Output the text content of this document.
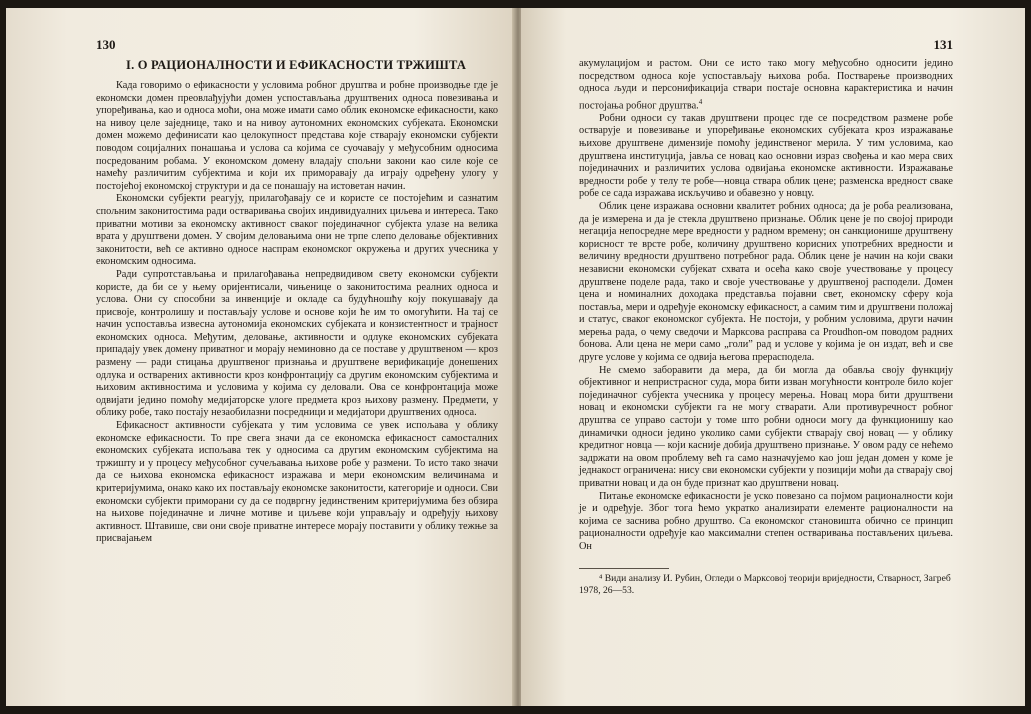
130
I. О РАЦИОНАЛНОСТИ И ЕФИКАСНОСТИ ТРЖИШТА

Када говоримо о ефикасности у условима робног друштва и робне производње где је економски домен преовлађујући домен успостављања друштвених односа повезивања и упоређивања, као и односа моћи, она може имати само облик економске ефикасности, како на нивоу целе заједнице, тако и на нивоу аутономних економских субјеката. Економски домен можемо дефинисати као целокупност представа које стварају економски субјекти поводом социјалних понашања и услова са којима се суочавају у међусобним односима посредованим робама. У економском домену владају спољни закони као силе које се намећу различитим субјектима и који их приморавају да играју одређену улогу у постојећој економској структури и да се понашају на истоветан начин.

Економски субјекти реагују, прилагођавају се и користе се постојећим и сазнатим спољним законитостима ради остваривања својих индивидуалних циљева и интереса. Тако приватни мотиви за економску активност сваког појединачног субјекта улазе на велика врата у друштвени домен. У својим деловањима они не трпе слепо деловање објективних законитости, већ се активно односе наспрам економског окружења и других учесника у економским односима.

Ради супротстављања и прилагођавања непредвидивом свету економски субјекти користе, да би се у њему оријентисали, чињенице о законитостима реалних односа и услова. Они су способни за инвенције и окладе са будућношћу коју покушавају да присвоје, контролишу и постављају услове и основе који ће им то омогућити. На тај се начин успоставља извесна аутономија економских субјеката и конзистентност и трајност економских односа. Међутим, деловање, активности и одлуке економских субјеката припадају увек домену приватног и морају неминовно да се поставе у друштвеном — кроз размену — ради стицања друштвеног признања и друштвене верификације донешених одлука и остварених активности кроз конфронтацију са другим економским субјектима и њиховим активностима и условима у којима су деловали. Ова се конфронтација може одвијати једино помоћу медијаторске улоге предмета кроз њихову размену. Предмети, у облику робе, тако постају незаобилазни посредници и медијатори друштвених односа.

Ефикасност активности субјеката у тим условима се увек испољава у облику економске ефикасности. То пре свега значи да се економска ефикасност самосталних економских субјеката испољава тек у односима са другим економским субјектима на тржишту и у процесу међусобног сучељавања њихове робе у размени. То исто тако значи да се њихова економска ефикасност изражава и мери економским величинама и критеријумима, онако како их постављају економске законитости, категорије и односи. Сви економски субјекти приморани су да се подвргну јединственим критеријумима без обзира на њихове појединачне и личне мотиве и циљеве који управљају и одређују њихову активност. Штавише, сви они своје приватне интересе морају поставити у облику тежње за присвајањем

131

акумулацијом и растом. Они се исто тако могу међусобно односити једино посредством односа које успостављају њихова роба. Постварење производних односа људи и персонификација ствари постаје основна карактеристика и начин постојања робног друштва.$^4$

Робни односи су такав друштвени процес где се посредством размене робе остварује и повезивање и упоређивање економских субјеката кроз изражавање њихове друштвене димензије помоћу јединственог мерила. У тим условима, као друштвена институција, јавља се новац као основни израз свођења и као мера свих појединачних и различитих услова одвијања економске активности. Изражавање вредности робе у телу те робе—новца ствара облик цене; разменска вредност сваке робе се сада изражава искључиво и обавезно у новцу.

Облик цене изражава основни квалитет робних односа; да је роба реализована, да је измерена и да је стекла друштвено признање. Облик цене је по својој природи негација непосредне мере вредности у радном времену; он санкционише друштвену корисност те врсте робе, количину друштвено корисних употребних вредности и величину вредности друштвено потребног рада. Облик цене је начин на који сваки независни економски субјекат схвата и осећа како своје учествовање у процесу друштвене поделе рада, тако и своје учествовање у друштвеној расподели. Домен цена и номиналних доходака представља појавни свет, економску сферу која поставља, мери и одређује економску ефикасност, а самим тим и друштвени положај и статус, сваког економског субјекта. Не постоји, у робним условима, други начин мерења рада, о чему сведочи и Марксова расправа са Proudhon-ом поводом радних бонова. Али цена не мери само „голи” рад и услове у којима је он издат, већ и све друге услове у којима се одвија његова прерасподела.

Не смемо заборавити да мера, да би могла да обавља своју функцију објективног и непристрасног суда, мора бити изван могућности контроле било којег појединачног субјекта учесника у процесу мерења. Новац мора бити друштвени новац и економски субјекти га не могу стварати. Али противуречност робног друштва се управо састоји у томе што робни односи могу да функционишу као динамички односи једино уколико сами субјекти стварају свој новац — у облику кредитног новца — који касније добија друштвено признање. У овом раду се нећемо задржати на овом проблему већ га само назначујемо као још један домен у коме је једнакост ограничена: нису сви економски субјекти у позицији моћи да стварају свој приватни новац и да он буде признат као друштвени новац.

Питање економске ефикасности је уско повезано са појмом рационалности који је и одређује. Због тога ћемо укратко анализирати елементе рационалности на којима се заснива робно друштво. Са економског становишта обично се принцип рационалности одређује као максимални степен остваривања постављених циљева. Он

⁴ Види анализу И. Рубин, Огледи о Марксовој теорији вриједности, Стварност, Загреб 1978, 26—53.
